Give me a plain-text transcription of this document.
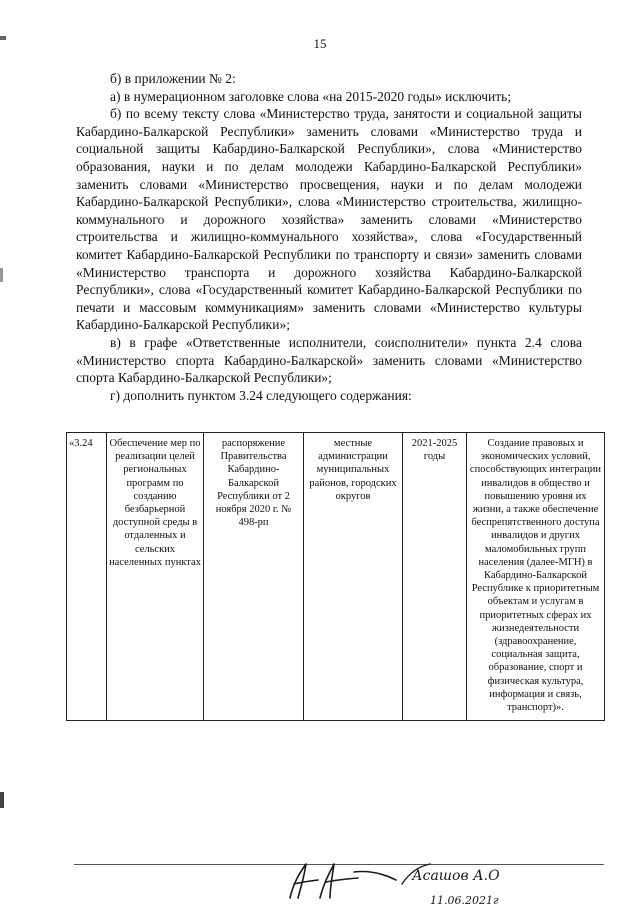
15

б) в приложении № 2:

а) в нумерационном заголовке слова «на 2015-2020 годы» исключить;

б) по всему тексту слова «Министерство труда, занятости и социальной защиты Кабардино-Балкарской Республики» заменить словами «Министерство труда и социальной защиты Кабардино-Балкарской Республики», слова «Министерство образования, науки и по делам молодежи Кабардино-Балкарской Республики» заменить словами «Министерство просвещения, науки и по делам молодежи Кабардино-Балкарской Республики», слова «Министерство строительства, жилищно-коммунального и дорожного хозяйства» заменить словами «Министерство строительства и жилищно-коммунального хозяйства», слова «Государственный комитет Кабардино-Балкарской Республики по транспорту и связи» заменить словами «Министерство транспорта и дорожного хозяйства Кабардино-Балкарской Республики», слова «Государственный комитет Кабардино-Балкарской Республики по печати и массовым коммуникациям» заменить словами «Министерство культуры Кабардино-Балкарской Республики»;

в) в графе «Ответственные исполнители, соисполнители» пункта 2.4 слова «Министерство спорта Кабардино-Балкарской» заменить словами «Министерство спорта Кабардино-Балкарской Республики»;

г) дополнить пунктом 3.24 следующего содержания:

«3.24	Обеспечение мер по реализации целей региональных программ по созданию безбарьерной доступной среды в отдаленных и сельских населенных пунктах	распоряжение Правительства Кабардино-Балкарской Республики от 2 ноября 2020 г. № 498-рп	местные администрации муниципальных районов, городских округов	2021-2025 годы	Создание правовых и экономических условий, способствующих интеграции инвалидов в общество и повышению уровня их жизни, а также обеспечение беспрепятственного доступа инвалидов и других маломобильных групп населения (далее-МГН) в Кабардино-Балкарской Республике к приоритетным объектам и услугам в приоритетных сферах их жизнедеятельности (здравоохранение, социальная защита, образование, спорт и физическая культура, информация и связь, транспорт)».
Асашов А.О
11.06.2021г
